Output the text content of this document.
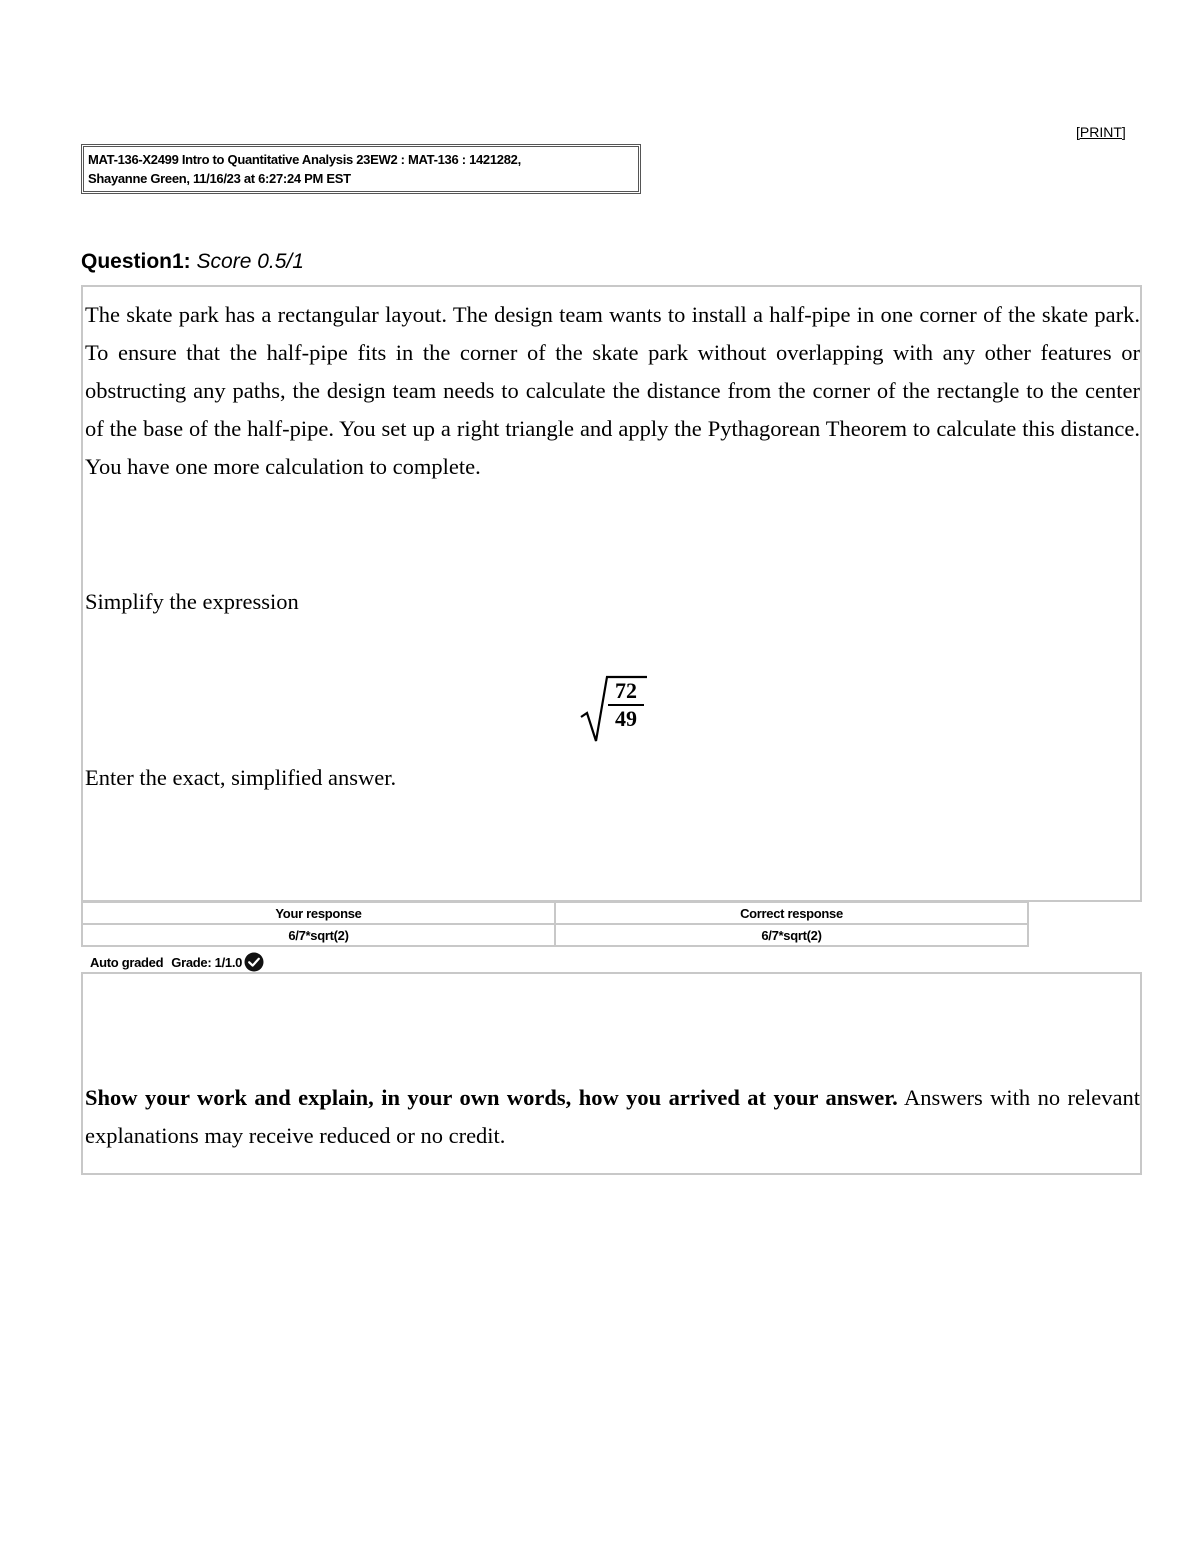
[PRINT]
MAT-136-X2499 Intro to Quantitative Analysis 23EW2 : MAT-136 : 1421282,
Shayanne Green, 11/16/23 at 6:27:24 PM EST
Question1: Score 0.5/1

The skate park has a rectangular layout. The design team wants to install a half-pipe in one corner of the skate park. To ensure that the half-pipe fits in the corner of the skate park without overlapping with any other features or obstructing any paths, the design team needs to calculate the distance from the corner of the rectangle to the center of the base of the half-pipe. You set up a right triangle and apply the Pythagorean Theorem to calculate this distance. You have one more calculation to complete.

Simplify the expression
$\frac{72}{49}$
Enter the exact, simplified answer.
Your response	Correct response
6/7*sqrt(2)	6/7*sqrt(2)
Auto graded Grade: 1/1.0

Show your work and explain, in your own words, how you arrived at your answer. Answers with no relevant explanations may receive reduced or no credit.
